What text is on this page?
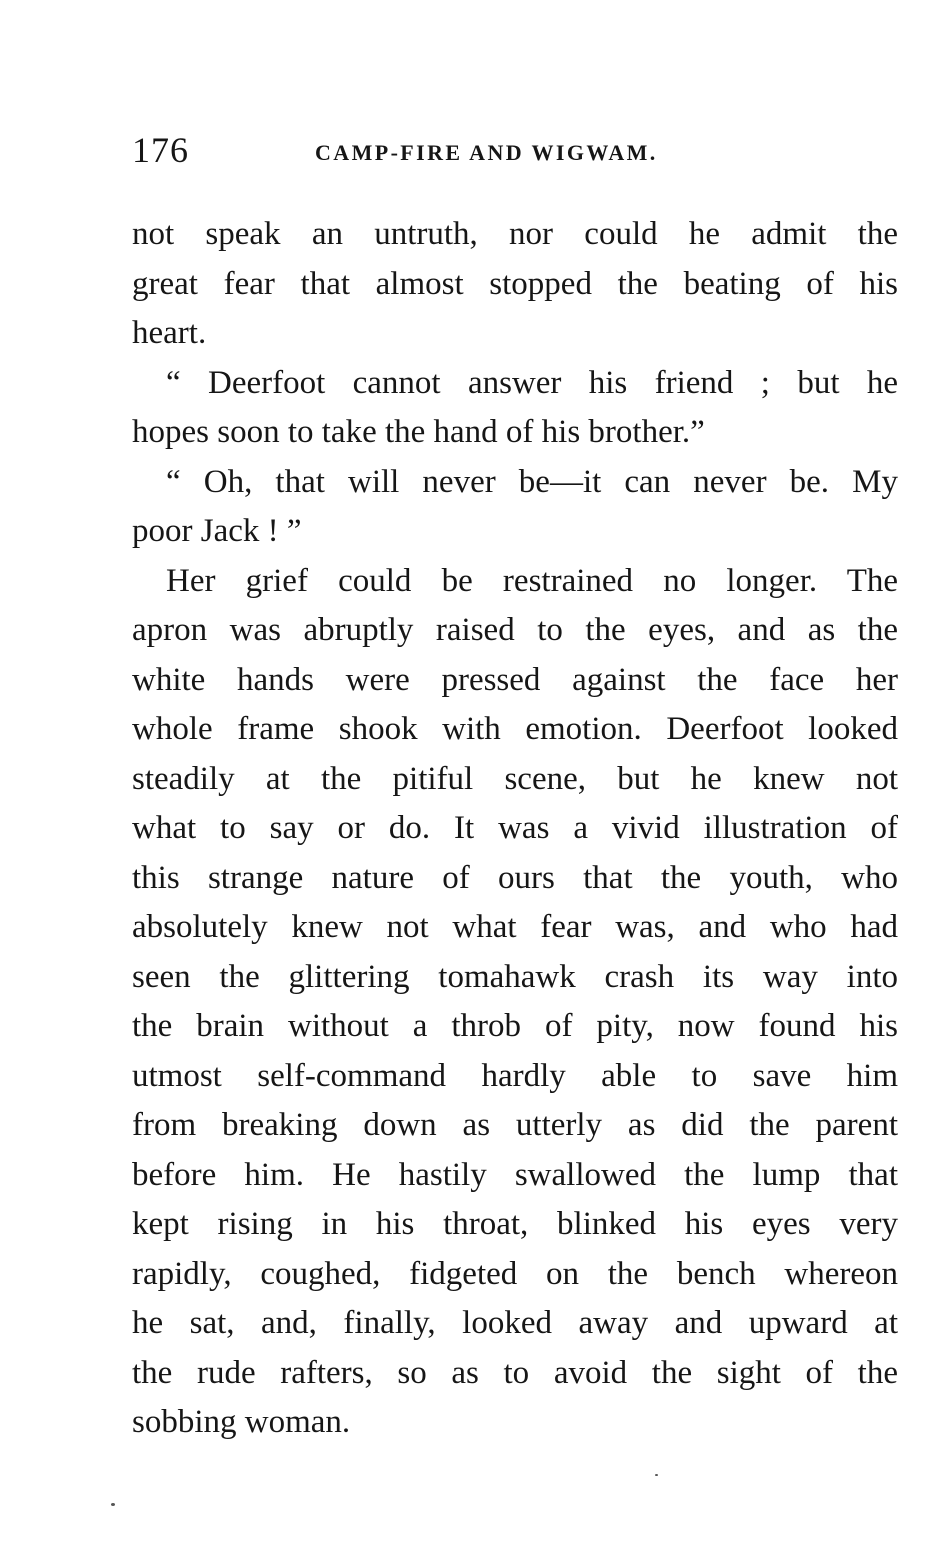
176	CAMP-FIRE AND WIGWAM.
not speak an untruth, nor could he admit the
great fear that almost stopped the beating of his
heart.
“ Deerfoot cannot answer his friend ; but he
hopes soon to take the hand of his brother.”
“ Oh, that will never be—it can never be. My
poor Jack ! ”
Her grief could be restrained no longer. The
apron was abruptly raised to the eyes, and as the
white hands were pressed against the face her
whole frame shook with emotion. Deerfoot looked
steadily at the pitiful scene, but he knew not
what to say or do. It was a vivid illustration of
this strange nature of ours that the youth, who
absolutely knew not what fear was, and who had
seen the glittering tomahawk crash its way into
the brain without a throb of pity, now found his
utmost self-command hardly able to save him
from breaking down as utterly as did the parent
before him. He hastily swallowed the lump that
kept rising in his throat, blinked his eyes very
rapidly, coughed, fidgeted on the bench whereon
he sat, and, finally, looked away and upward at
the rude rafters, so as to avoid the sight of the
sobbing woman.
